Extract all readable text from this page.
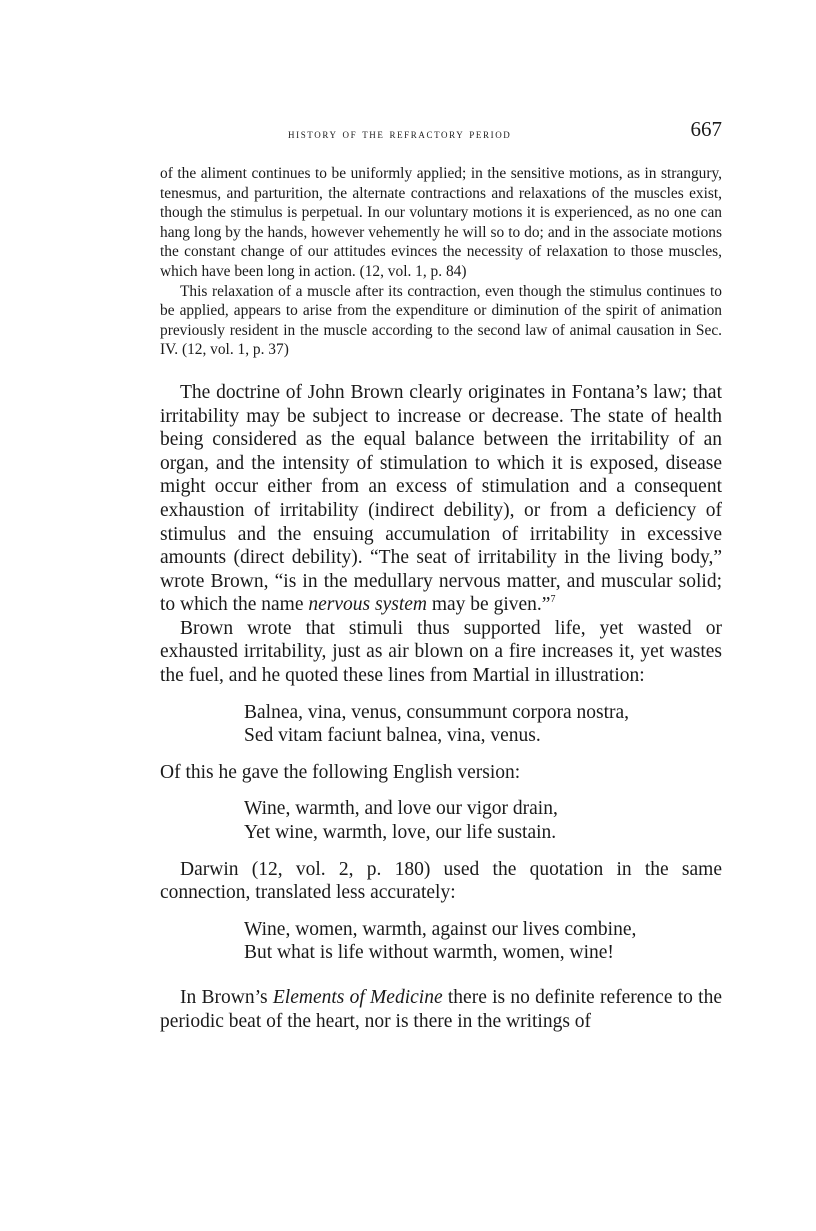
history of the refractory period	667

of the aliment continues to be uniformly applied; in the sensitive motions, as in strangury, tenesmus, and parturition, the alternate contractions and relaxations of the muscles exist, though the stimulus is perpetual. In our voluntary motions it is experienced, as no one can hang long by the hands, however vehemently he will so to do; and in the associate motions the constant change of our attitudes evinces the necessity of relaxation to those muscles, which have been long in action. (12, vol. 1, p. 84)

This relaxation of a muscle after its contraction, even though the stimulus continues to be applied, appears to arise from the expenditure or diminution of the spirit of animation previously resident in the muscle according to the second law of animal causation in Sec. IV. (12, vol. 1, p. 37)

The doctrine of John Brown clearly originates in Fontana’s law; that irritability may be subject to increase or decrease. The state of health being considered as the equal balance between the irritability of an organ, and the intensity of stimulation to which it is exposed, disease might occur either from an excess of stimulation and a consequent exhaustion of irritability (indirect debility), or from a deficiency of stimulus and the ensuing accumulation of irritability in excessive amounts (direct debility). “The seat of irritability in the living body,” wrote Brown, “is in the medullary nervous matter, and muscular solid; to which the name nervous system may be given.”$^7$

Brown wrote that stimuli thus supported life, yet wasted or exhausted irritability, just as air blown on a fire increases it, yet wastes the fuel, and he quoted these lines from Martial in illustration:

Balnea, vina, venus, consummunt corpora nostra,
Sed vitam faciunt balnea, vina, venus.

Of this he gave the following English version:

Wine, warmth, and love our vigor drain,
Yet wine, warmth, love, our life sustain.

Darwin (12, vol. 2, p. 180) used the quotation in the same connection, translated less accurately:

Wine, women, warmth, against our lives combine,
But what is life without warmth, women, wine!

In Brown’s Elements of Medicine there is no definite reference to the periodic beat of the heart, nor is there in the writings of
